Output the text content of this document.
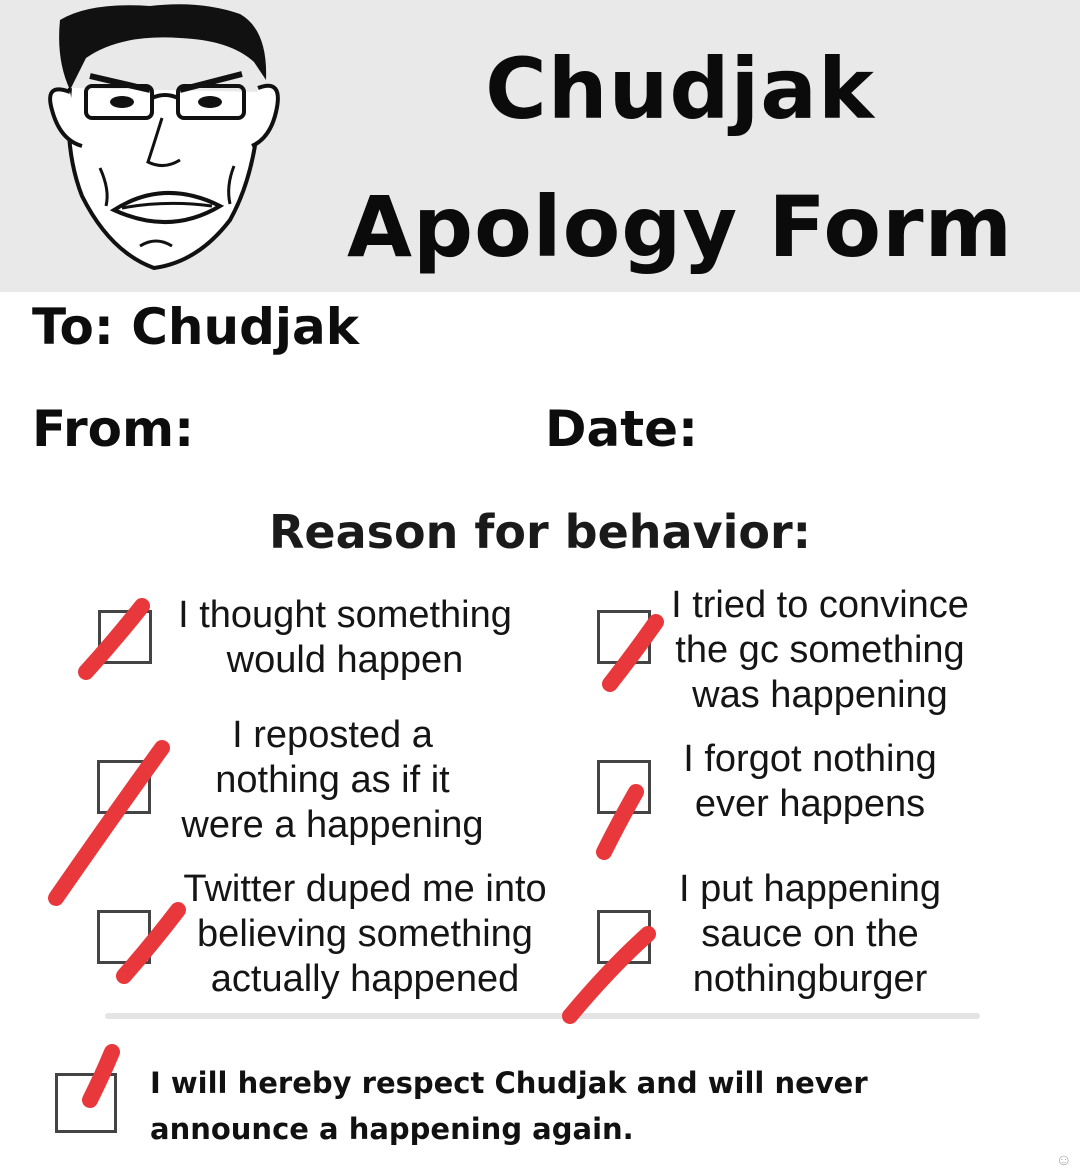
Chudjak
Apology Form
To: Chudjak
From:	Date:
Reason for behavior:
I thought something
would happen
I tried to convince
the gc something
was happening
I reposted a
nothing as if it
were a happening
I forgot nothing
ever happens
Twitter duped me into
believing something
actually happened
I put happening
sauce on the
nothingburger
I will hereby respect Chudjak and will never
announce a happening again.
☺
